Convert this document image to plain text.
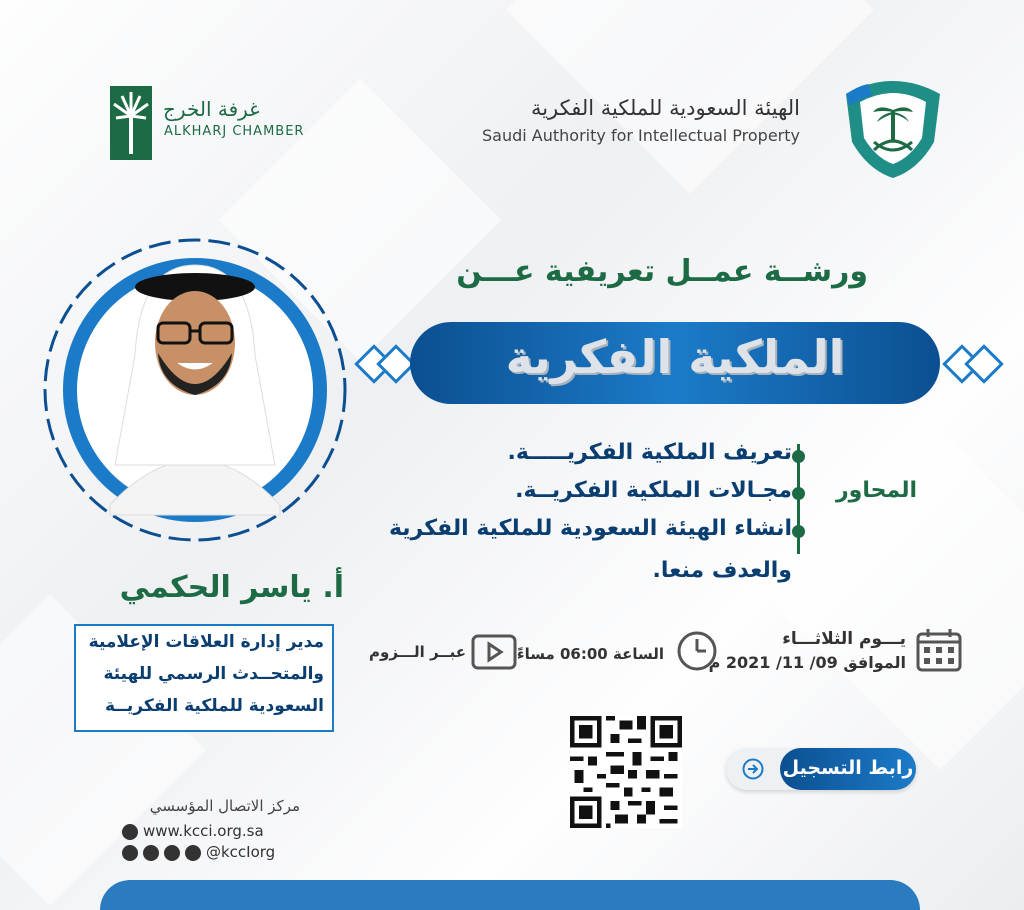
الهيئة السعودية للملكية الفكرية
Saudi Authority for Intellectual Property
غرفة الخرج
ALKHARJ CHAMBER
ورشــة عمــل تعريفية عـــن
الملكية الفكرية
المحاور
تعريف الملكية الفكريـــــة.
مجـالات الملكية الفكريــة.
انشاء الهيئة السعودية للملكية الفكرية
والعدف منعا.
أ. ياسر الحكمي
مدير إدارة العلاقات الإعلامية
والمتحــدث الرسمي للهيئة
السعودية للملكية الفكريــة
يـــوم الثلاثـــاء
الموافق 09/ 11/ 2021 م
الساعة 06:00 مساءً
عبــر الـــزوم
رابط التسجيل
مركز الاتصال المؤسسي
www.kcci.org.sa
@kccIorg
